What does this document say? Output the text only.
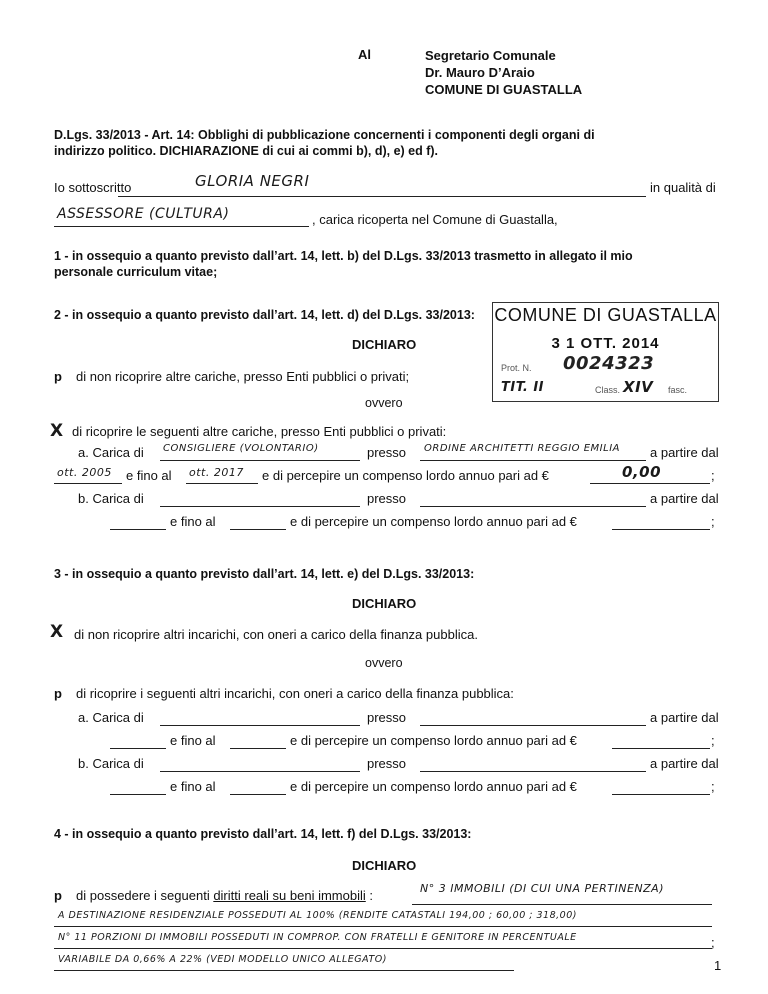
Al	Segretario Comunale
Dr. Mauro D’Araio
COMUNE DI GUASTALLA
D.Lgs. 33/2013 - Art. 14: Obblighi di pubblicazione concernenti i componenti degli organi di
indirizzo politico. DICHIARAZIONE di cui ai commi b), d), e) ed f).
Io sottoscritto	GLORIA NEGRI	in qualità di
ASSESSORE (CULTURA)	, carica ricoperta nel Comune di Guastalla,
1 - in ossequio a quanto previsto dall’art. 14, lett. b) del D.Lgs. 33/2013 trasmetto in allegato il mio
personale curriculum vitae;
2 - in ossequio a quanto previsto dall’art. 14, lett. d) del D.Lgs. 33/2013:
DICHIARO
p di non ricoprire altre cariche, presso Enti pubblici o privati;
ovvero
X di ricoprire le seguenti altre cariche, presso Enti pubblici o privati:
a. Carica di CONSIGLIERE (VOLONTARIO)	presso ORDINE ARCHITETTI REGGIO EMILIA a partire dal
ott. 2005 e fino al ott. 2017 e di percepire un compenso lordo annuo pari ad €	0,00	;
b. Carica di	presso	a partire dal
e fino al	e di percepire un compenso lordo annuo pari ad €	;
COMUNE DI GUASTALLA
3 1 OTT. 2014
Prot. N. 0024323
TIT. II	Class. XIV fasc.
3 - in ossequio a quanto previsto dall’art. 14, lett. e) del D.Lgs. 33/2013:
DICHIARO
X di non ricoprire altri incarichi, con oneri a carico della finanza pubblica.
ovvero
p di ricoprire i seguenti altri incarichi, con oneri a carico della finanza pubblica:
a. Carica di	presso	a partire dal
e fino al	e di percepire un compenso lordo annuo pari ad €	;
b. Carica di	presso	a partire dal
e fino al	e di percepire un compenso lordo annuo pari ad €	;
4 - in ossequio a quanto previsto dall’art. 14, lett. f) del D.Lgs. 33/2013:
DICHIARO
p di possedere i seguenti diritti reali su beni immobili :	N° 3 IMMOBILI (DI CUI UNA PERTINENZA)
A DESTINAZIONE RESIDENZIALE POSSEDUTI AL 100% (RENDITE CATASTALI 194,00 ; 60,00 ; 318,00)
N° 11 PORZIONI DI IMMOBILI POSSEDUTI IN COMPROP. CON FRATELLI E GENITORE IN PERCENTUALE	;
VARIABILE DA 0,66% A 22% (VEDI MODELLO UNICO ALLEGATO)	1
